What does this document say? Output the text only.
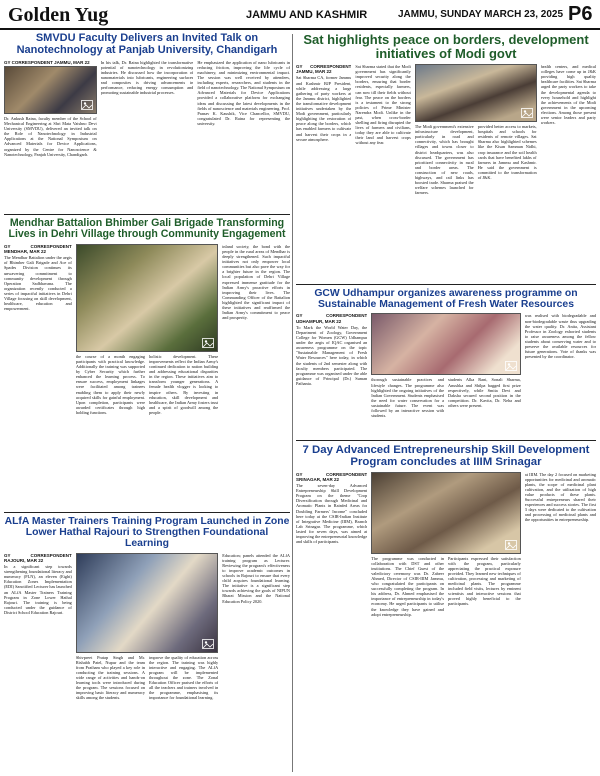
Golden Yug	JAMMU AND KASHMIR	JAMMU, SUNDAY MARCH 23, 2025 P6
SMVDU Faculty Delivers an Invited Talk on Nanotechnology at Panjab University, Chandigarh
GY CORRESPONDENT JAMMU, MAR 22
Dr. Ankush Raina, faculty member of the School of Mechanical Engineering at Shri Mata Vaishno Devi University (SMVDU), delivered an invited talk on the Role of Nanotechnology in Industrial Applications at the National Symposium on Advanced Materials for Device Applications, organized by the Centre for Nanoscience & Nanotechnology, Panjab University, Chandigarh.
In his talk, Dr. Raina highlighted the transformative potential of nanotechnology in revolutionizing industries. He discussed how the incorporation of nanomaterials into lubricants, engineering surfaces and composites is driving advancements in performance, reducing energy consumption and promoting sustainable industrial processes.
He emphasized the application of nano lubricants in reducing friction, improving the life cycle of machinery, and minimizing environmental impact. The session was well received by attendees, including experts, researchers, and students in the field of nanotechnology. The National Symposium on Advanced Materials for Device Applications provided a collaborative platform for exchanging ideas and discussing the latest developments in the fields of nanoscience and materials engineering. Prof. Pranav K. Kaushik, Vice Chancellor, SMVDU, congratulated Dr. Raina for representing the university.
Sat highlights peace on borders, development initiatives of Modi govt
GY CORRESPONDENT JAMMU, MAR 22
Sat Sharma CA, former Jammu and Kashmir BJP President, while addressing a large gathering of party workers at the Jammu district, highlighted the transformative development initiatives undertaken by the Modi government, particularly highlighting the restoration of peace along the borders, which has enabled farmers to cultivate and harvest their crops in a secure atmosphere.
Sat Sharma stated that the Modi government has significantly improved security along the borders, ensuring that border residents, especially farmers, can now till their fields without fear. The peace on the borders is a testament to the strong policies of Prime Minister Narendra Modi. Unlike in the past, when cross-border shelling and firing disrupted the lives of farmers and civilians, today they are able to cultivate their land and harvest crops without any fear.
The Modi government's extensive infrastructure development, particularly in road and connectivity, which has brought villages and towns closer to district headquarters, was also discussed. The government has prioritized connectivity in rural and border areas. The construction of new roads, highways, and rail links has boosted trade. Sharma praised the welfare schemes launched for farmers.
provided better access to markets, hospitals and schools for residents of remote villages. Sat Sharma also highlighted schemes like the Kisan Samman Nidhi, crop insurance and the soil health cards that have benefited lakhs of farmers in Jammu and Kashmir. He said the government is committed to the transformation of J&K.
health centers, and medical colleges have come up in J&K providing high quality healthcare facilities. Sat Sharma urged the party workers to take the developmental agenda to every household and highlight the achievements of the Modi government in the upcoming elections. Among those present were senior leaders and party workers.
Mendhar Battalion Bhimber Gali Brigade Transforming Lives in Dehri Village through Community Engagement
GY CORRESPONDENT MENDHAR, MAR 22
The Mendhar Battalion under the aegis of Bhimber Gali Brigade and Ace of Spades Division continues its unwavering commitment to community development through Operation Sadbhavana. The organization recently conducted a series of impactful initiatives in Dehri Village focusing on skill development, healthcare, education and empowerment.
the course of a month engaging participants with practical knowledge. Additionally the training was supported by Cyber Security which further enhanced the learning process. To ensure success, employment linkages were facilitated among trainees enabling them to apply their newly acquired skills for gainful employment. Upon completion, participants were awarded certificates through high holding functions.
holistic development. These improvements reflect the Indian Army's continued dedication to nation building and addressing educational disparities in the region. These initiatives aim to transform younger generations. A female health vlogger is looking to inspire others. By investing in education, skill development and healthcare, the Indian Army fosters trust and a spirit of goodwill among the people.
inland society, the bond with the people in the rural areas of Mendhar is deeply strengthened. Such impactful initiatives not only empower local communities but also pave the way for a brighter future in the region. The local population of Dehri Village expressed immense gratitude for the Indian Army's proactive efforts in improving their lives. The Commanding Officer of the Battalion highlighted the significant impact of these initiatives and reaffirmed the Indian Army's commitment to peace and prosperity.
GCW Udhampur organizes awareness programme on Sustainable Management of Fresh Water Resources
GY CORRESPONDENT UDHAMPUR, MAR 22
To Mark the World Water Day, the Department of Zoology, Government College for Women (GCW) Udhampur under the aegis of IQAC organised an awareness programme on the topic "Sustainable Management of Fresh Water Resources" here today, in which the students of 2nd semester along with faculty members participated. The programme was organised under the able guidance of Principal (Dr.) Suman Pathania.
thorough sustainable practices and lifestyle changes. The programme also highlighted the ongoing initiatives of the Indian Government. Students emphasised the need for water conservation for a sustainable future. The event was followed by an interactive session with students.
students Alka Rani, Sonali Sharma, Anushka and Shilpa bagged first prize respectively, while Smita Devi and Daksha secured second position in the competition. Dr. Kavita, Dr. Neha and others were present.
was realised with biodegradable and non-biodegradable waste thus upgrading the water quality. Dr. Anita, Assistant Professor in Zoology exhorted students to raise awareness among the fellow students about conserving water and to preserve the available resources for future generations. Vote of thanks was presented by the coordinator.
7 Day Advanced Entrepreneurship Skill Development Program concludes at IIIM Srinagar
GY CORRESPONDENT SRINAGAR, MAR 22
The seven-day Advanced Entrepreneurship Skill Development Program on the theme "Crop Diversification through Medicinal and Aromatic Plants in Rainfed Areas for Doubling Farmers' Income" concluded here today at the CSIR-Indian Institute of Integrative Medicine (IIIM), Branch Lab Srinagar. The programme, which lasted for seven days, was aimed at improving the entrepreneurial knowledge and skills of participants.
The programme was conducted in collaboration with DST and other institutions. The Chief Guest of the valedictory ceremony was Dr. Zabeer Ahmed, Director of CSIR-IIIM Jammu, who congratulated the participants on successfully completing the program. In his address, Dr. Ahmed emphasised the importance of entrepreneurship in today's economy. He urged participants to utilise the knowledge they have gained and adopt entrepreneurship.
Participants expressed their satisfaction with the program, particularly appreciating the practical exposure provided. They learned new techniques of cultivation, processing and marketing of medicinal plants. The programme included field visits, lectures by eminent scientists and interactive sessions that proved highly beneficial to the participants.
at IIIM. The day 2 focused on marketing opportunities for medicinal and aromatic plants, the scope of medicinal plant cultivation, and the utilization of high value products of these plants. Successful entrepreneurs shared their experiences and success stories. The first 3 days were dedicated to the cultivation and processing of medicinal plants and the opportunities in entrepreneurship.
ALfA Master Trainers Training Program Launched in Zone Lower Hathal Rajouri to Strengthen Foundational Learning
GY CORRESPONDENT RAJOURI, MAR 22
In a significant step towards strengthening foundational literacy and numeracy (FLN), an eleven (Eight) Education Zones Implementation (EDI) Sanctified Lecturer has launched an ALfA Master Trainers Training Program in Zone Lower Hathal Rajouri. The training is being conducted under the guidance of District School Education Rajouri.
Shivpreet Pratap Singh and Mr. Rishabh Patel, Nupur and the team from Pratham who played a key role in conducting the training sessions. A wide range of activities and hands-on learning tools were introduced during the program. The sessions focused on improving basic literacy and numeracy skills among the students.
improve the quality of education across the region. The training was highly interactive and engaging. The ALfA program will be implemented throughout the zone. The Zonal Education Officer praised the efforts of all the teachers and trainers involved in the programme, emphasising its importance for foundational learning.
Education; panels attended the ALfA training program as Lecturer. Reviewing the program's effectiveness to improve academic outcomes in schools in Rajouri to ensure that every child acquires foundational learning. The initiative is a significant step towards achieving the goals of NIPUN Bharat Mission and the National Education Policy 2020.
